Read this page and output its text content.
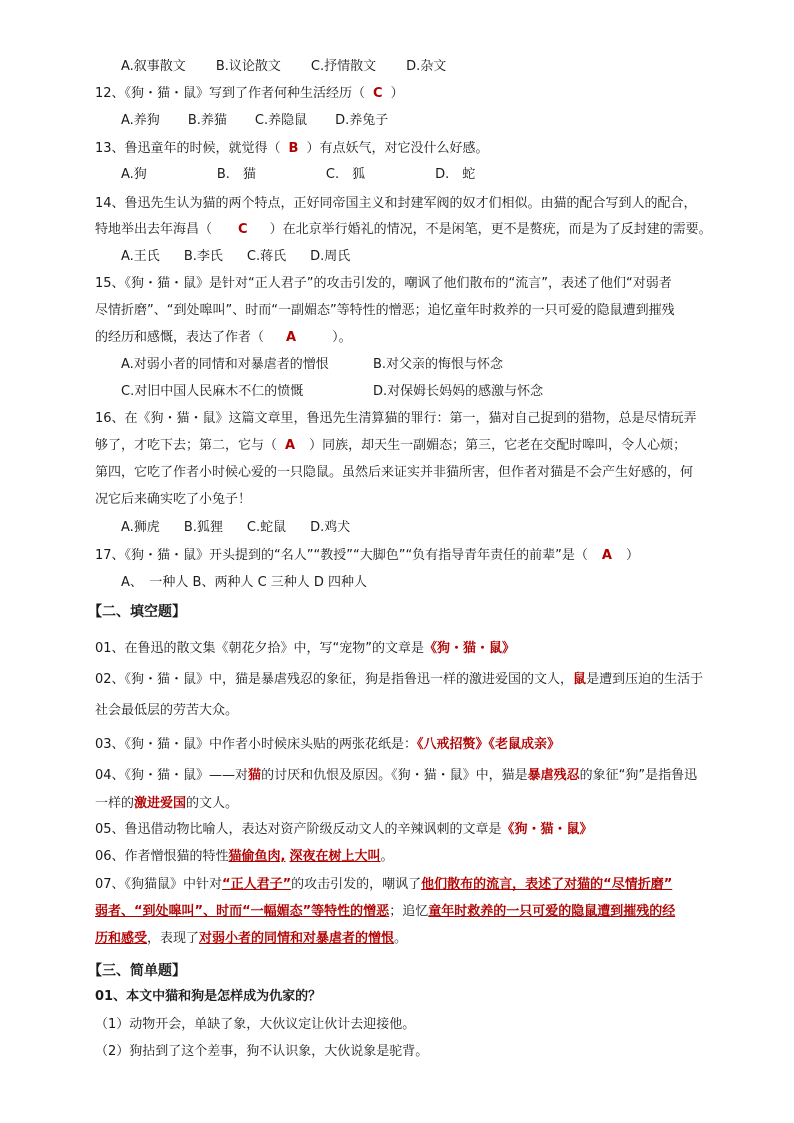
A.叙事散文 B.议论散文 C.抒情散文 D.杂文
12、《狗・猫・鼠》写到了作者何种生活经历（ C ）
A.养狗 B.养猫 C.养隐鼠 D.养兔子
13、鲁迅童年的时候，就觉得（ B ）有点妖气，对它没什么好感。
A.狗	B.　猫	C.　狐	D.　蛇
14、鲁迅先生认为猫的两个特点，正好同帝国主义和封建军阀的奴才们相似。由猫的配合写到人的配合，
特地举出去年海昌（ C ）在北京举行婚礼的情况，不是闲笔，更不是赘疣，而是为了反封建的需要。
A.王氏 B.李氏 C.蒋氏 D.周氏
15、《狗・猫・鼠》是针对“正人君子”的攻击引发的，嘲讽了他们散布的“流言”，表述了他们“对弱者
尽情折磨”、“到处嗥叫”、时而“一副媚态”等特性的憎恶；追忆童年时救养的一只可爱的隐鼠遭到摧残
的经历和感慨，表达了作者（ A	）。
A.对弱小者的同情和对暴虐者的憎恨	B.对父亲的悔恨与怀念
C.对旧中国人民麻木不仁的愤慨	D.对保姆长妈妈的感激与怀念
16、在《狗・猫・鼠》这篇文章里，鲁迅先生清算猫的罪行：第一，猫对自己捉到的猎物，总是尽情玩弄
够了，才吃下去；第二，它与（ A ）同族，却天生一副媚态；第三，它老在交配时嗥叫，令人心烦；
第四，它吃了作者小时候心爱的一只隐鼠。虽然后来证实并非猫所害，但作者对猫是不会产生好感的，何
况它后来确实吃了小兔子！
A.狮虎 B.狐狸 C.蛇鼠 D.鸡犬
17、《狗・猫・鼠》开头提到的“名人”“教授”“大脚色”“负有指导青年责任的前辈”是（ A ）
A、　一种人 B、两种人 C 三种人 D 四种人
【二、填空题】
01、在鲁迅的散文集《朝花夕拾》中，写“宠物”的文章是《狗・猫・鼠》
02、《狗・猫・鼠》中，猫是暴虐残忍的象征，狗是指鲁迅一样的激进爱国的文人，鼠是遭到压迫的生活于
社会最低层的劳苦大众。
03、《狗・猫・鼠》中作者小时候床头贴的两张花纸是：《八戒招赘》《老鼠成亲》
04、《狗・猫・鼠》——对猫的讨厌和仇恨及原因。《狗・猫・鼠》中，猫是暴虐残忍的象征“狗”是指鲁迅
一样的激进爱国的文人。
05、鲁迅借动物比喻人，表达对资产阶级反动文人的辛辣讽刺的文章是《狗・猫・鼠》
06、作者憎恨猫的特性猫偷鱼肉, 深夜在树上大叫。
07、《狗猫鼠》中针对“正人君子”的攻击引发的，嘲讽了他们散布的流言，表述了对猫的“尽情折磨”
弱者、“到处嗥叫”、时而“一幅媚态”等特性的憎恶；追忆童年时救养的一只可爱的隐鼠遭到摧残的经
历和感受，表现了对弱小者的同情和对暴虐者的憎恨。
【三、简单题】
01、本文中猫和狗是怎样成为仇家的？
（1）动物开会，单缺了象，大伙议定让伙计去迎接他。
（2）狗拈到了这个差事，狗不认识象，大伙说象是驼背。
